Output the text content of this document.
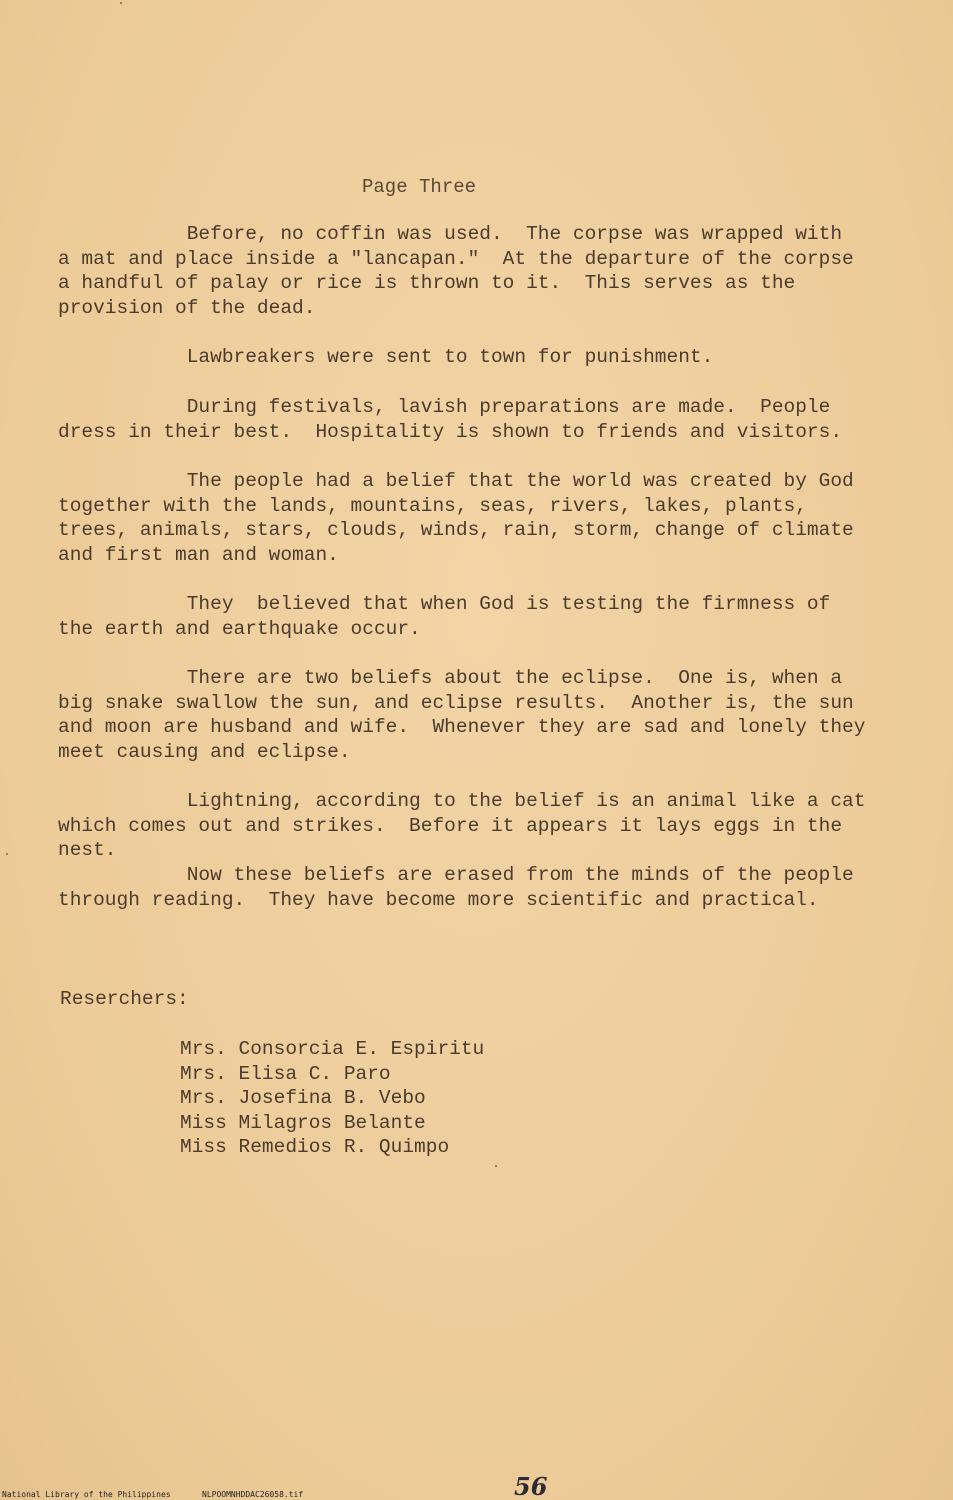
Page Three
Before, no coffin was used.  The corpse was wrapped with
a mat and place inside a "lancapan."  At the departure of the corpse
a handful of palay or rice is thrown to it.  This serves as the
provision of the dead.
Lawbreakers were sent to town for punishment.
During festivals, lavish preparations are made.  People
dress in their best.  Hospitality is shown to friends and visitors.
The people had a belief that the world was created by God
together with the lands, mountains, seas, rivers, lakes, plants,
trees, animals, stars, clouds, winds, rain, storm, change of climate
and first man and woman.
They  believed that when God is testing the firmness of
the earth and earthquake occur.
There are two beliefs about the eclipse.  One is, when a
big snake swallow the sun, and eclipse results.  Another is, the sun
and moon are husband and wife.  Whenever they are sad and lonely they
meet causing and eclipse.
Lightning, according to the belief is an animal like a cat
which comes out and strikes.  Before it appears it lays eggs in the
nest.
Now these beliefs are erased from the minds of the people
through reading.  They have become more scientific and practical.
Reserchers:
Mrs. Consorcia E. Espiritu
Mrs. Elisa C. Paro
Mrs. Josefina B. Vebo
Miss Milagros Belante
Miss Remedios R. Quimpo
56
National Library of the Philippines	NLPOOMNHDDAC26058.tif
